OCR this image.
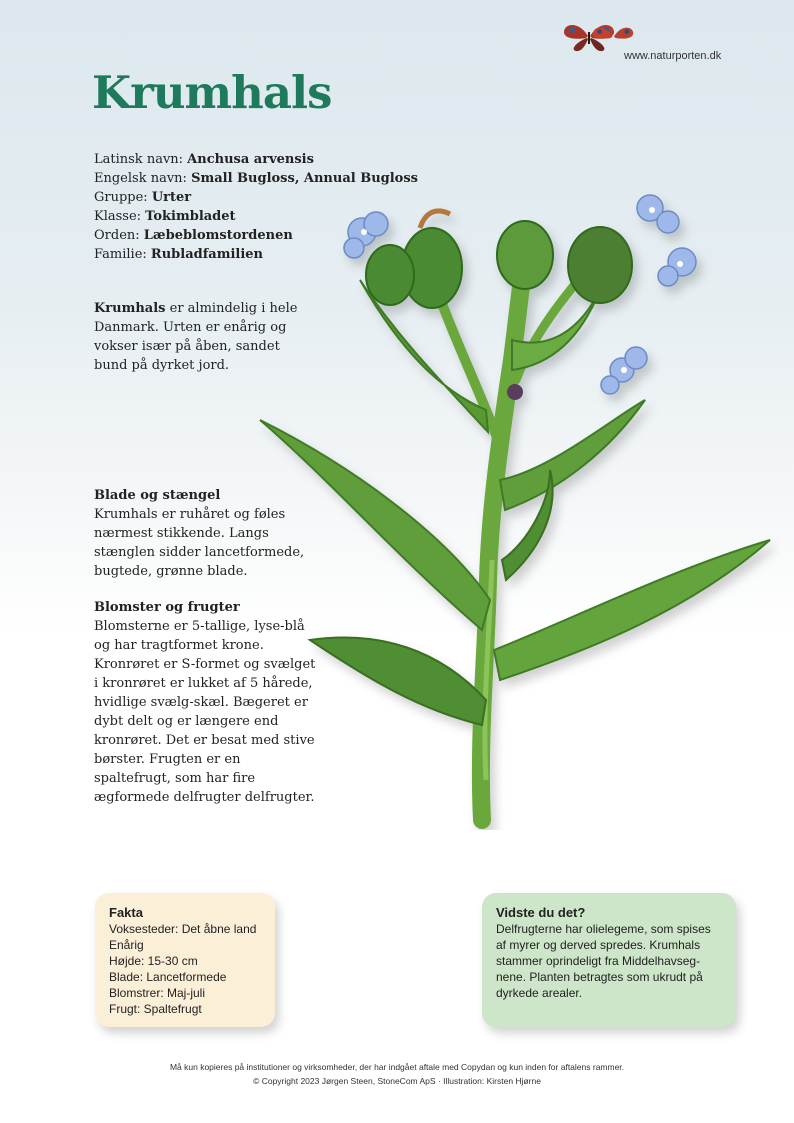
www.naturporten.dk
Krumhals
Latinsk navn: Anchusa arvensis
Engelsk navn: Small Bugloss, Annual Bugloss
Gruppe: Urter
Klasse: Tokimbladet
Orden: Læbeblomstordenen
Familie: Rubladfamilien
Krumhals er almindelig i hele Danmark. Urten er enårig og vokser især på åben, sandet bund på dyrket jord.
Blade og stængel
Krumhals er ruhåret og føles nærmest stikkende. Langs stænglen sidder lancetformede, bugtede, grønne blade.
Blomster og frugter
Blomsterne er 5-tallige, lyse-blå og har tragtformet krone. Kronrøret er S-formet og svælget i kronrøret er lukket af 5 hårede, hvidlige svælg-skæl. Bægeret er dybt delt og er længere end kronrøret. Det er besat med stive børster. Frugten er en spaltefrugt, som har fire ægformede delfrugter delfrugter.
Fakta
Voksesteder: Det åbne land
Enårig
Højde: 15-30 cm
Blade: Lancetformede
Blomstrer: Maj-juli
Frugt: Spaltefrugt
Vidste du det?
Delfrugterne har olielegeme, som spises af myrer og derved spredes. Krumhals stammer oprindeligt fra Middelhavseg-nene. Planten betragtes som ukrudt på dyrkede arealer.
Må kun kopieres på institutioner og virksomheder, der har indgået aftale med Copydan og kun inden for aftalens rammer.
© Copyright 2023 Jørgen Steen, StoneCom ApS · Illustration: Kirsten Hjørne
